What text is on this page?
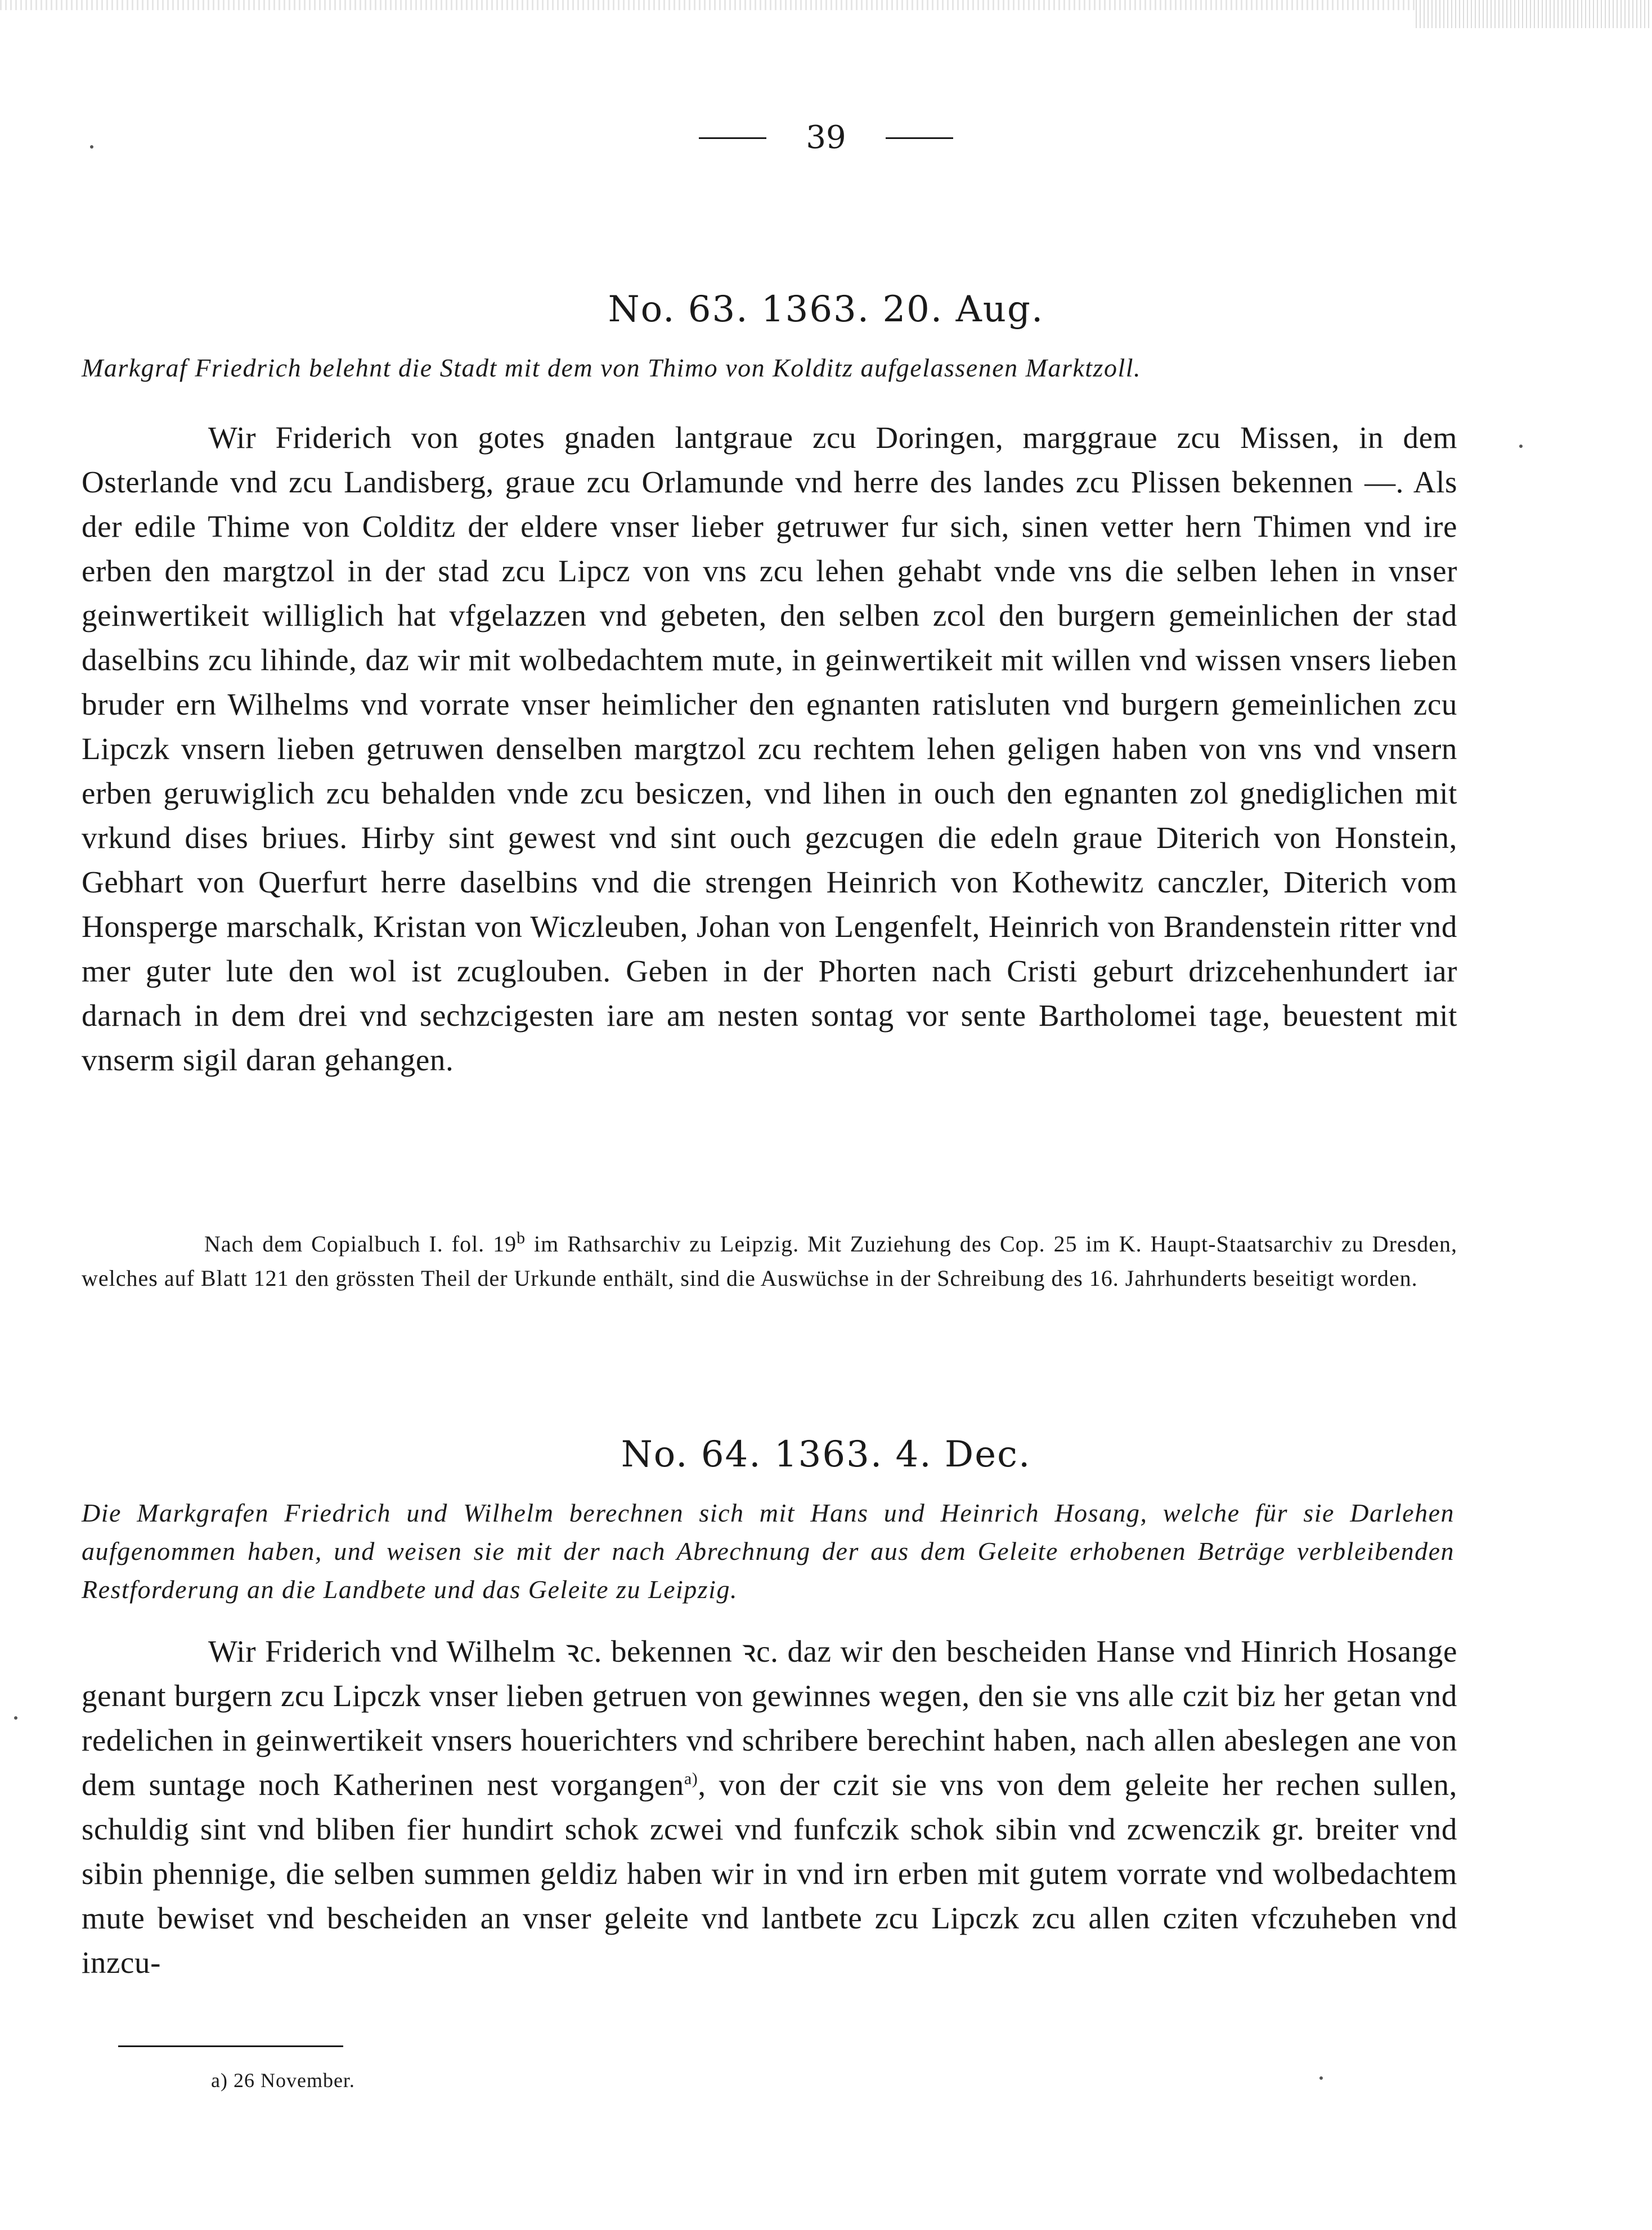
39
No. 63. 1363. 20. Aug.
Markgraf Friedrich belehnt die Stadt mit dem von Thimo von Kolditz aufgelassenen Marktzoll.
Wir Friderich von gotes gnaden lantgraue zcu Doringen, marggraue zcu Missen, in dem Osterlande vnd zcu Landisberg, graue zcu Orlamunde vnd herre des landes zcu Plissen bekennen —. Als der edile Thime von Colditz der eldere vnser lieber getruwer fur sich, sinen vetter hern Thimen vnd ire erben den margtzol in der stad zcu Lipcz von vns zcu lehen gehabt vnde vns die selben lehen in vnser geinwertikeit williglich hat vfgelazzen vnd gebeten, den selben zcol den burgern gemeinlichen der stad daselbins zcu lihinde, daz wir mit wolbedachtem mute, in geinwertikeit mit willen vnd wissen vnsers lieben bruder ern Wilhelms vnd vorrate vnser heimlicher den egnanten ratisluten vnd burgern gemeinlichen zcu Lipczk vnsern lieben getruwen denselben margtzol zcu rechtem lehen geligen haben von vns vnd vnsern erben geruwiglich zcu behalden vnde zcu besiczen, vnd lihen in ouch den egnanten zol gnediglichen mit vrkund dises briues. Hirby sint gewest vnd sint ouch gezcugen die edeln graue Diterich von Honstein, Gebhart von Querfurt herre daselbins vnd die strengen Heinrich von Kothewitz canczler, Diterich vom Honsperge marschalk, Kristan von Wiczleuben, Johan von Lengenfelt, Heinrich von Brandenstein ritter vnd mer guter lute den wol ist zcuglouben. Geben in der Phorten nach Cristi geburt drizcehenhundert iar darnach in dem drei vnd sechzcigesten iare am nesten sontag vor sente Bartholomei tage, beuestent mit vnserm sigil daran gehangen.
Nach dem Copialbuch I. fol. 19$^b$ im Rathsarchiv zu Leipzig. Mit Zuziehung des Cop. 25 im K. Haupt-Staatsarchiv zu Dresden, welches auf Blatt 121 den grössten Theil der Urkunde enthält, sind die Auswüchse in der Schreibung des 16. Jahrhunderts beseitigt worden.
No. 64. 1363. 4. Dec.
Die Markgrafen Friedrich und Wilhelm berechnen sich mit Hans und Heinrich Hosang, welche für sie Darlehen aufgenommen haben, und weisen sie mit der nach Abrechnung der aus dem Geleite erhobenen Beträge verbleibenden Restforderung an die Landbete und das Geleite zu Leipzig.
Wir Friderich vnd Wilhelm ꝛc. bekennen ꝛc. daz wir den bescheiden Hanse vnd Hinrich Hosange genant burgern zcu Lipczk vnser lieben getruen von gewinnes wegen, den sie vns alle czit biz her getan vnd redelichen in geinwertikeit vnsers houerichters vnd schribere berechint haben, nach allen abeslegen ane von dem suntage noch Katherinen nest vorgangen$^{a)}$, von der czit sie vns von dem geleite her rechen sullen, schuldig sint vnd bliben fier hundirt schok zcwei vnd funfczik schok sibin vnd zcwenczik gr. breiter vnd sibin phennige, die selben summen geldiz haben wir in vnd irn erben mit gutem vorrate vnd wolbedachtem mute bewiset vnd bescheiden an vnser geleite vnd lantbete zcu Lipczk zcu allen cziten vfczuheben vnd inzcu-
a) 26 November.
